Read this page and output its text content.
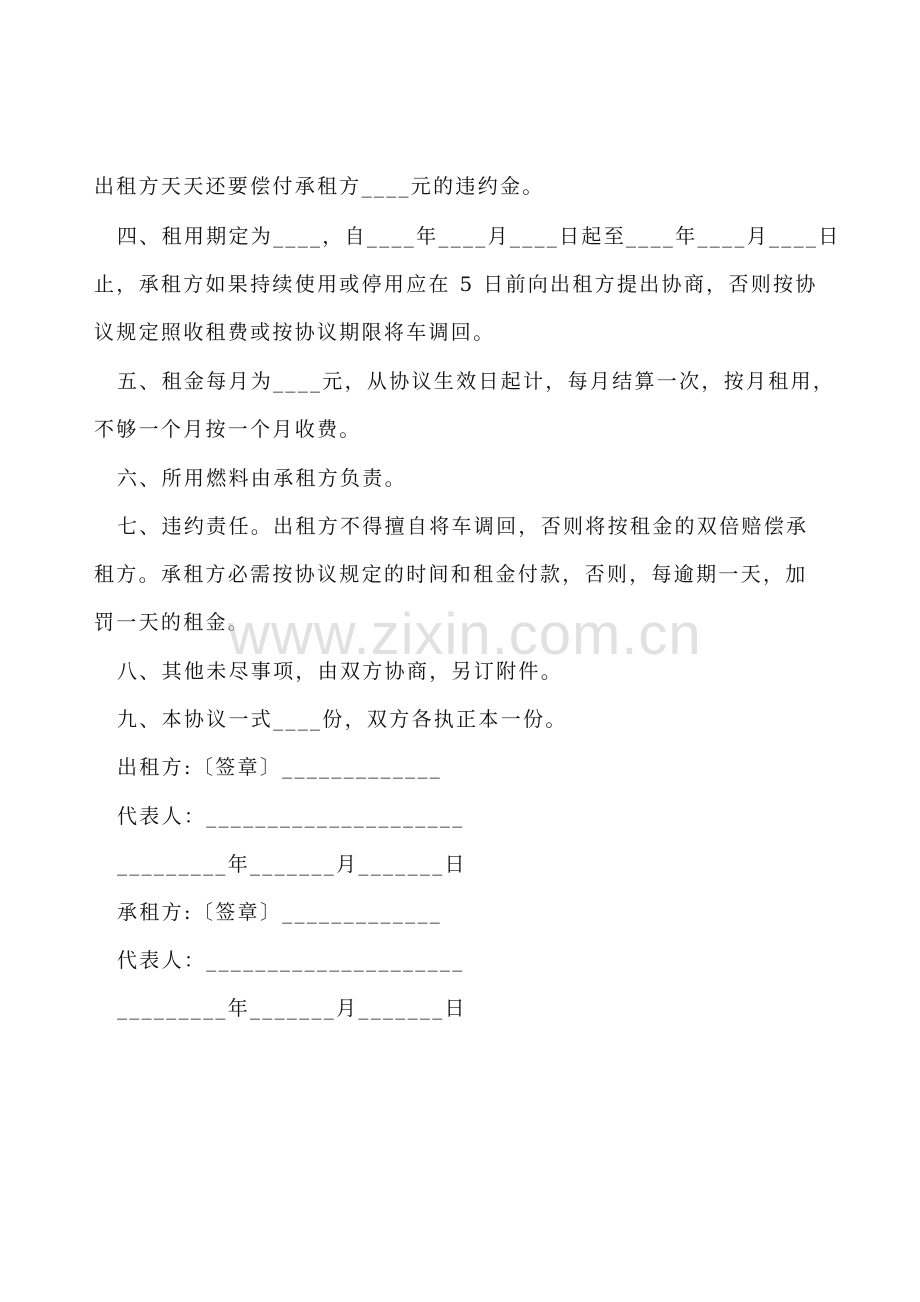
出租方天天还要偿付承租方____元的违约金。
四、租用期定为____，自____年____月____日起至____年____月____日
止，承租方如果持续使用或停用应在 5 日前向出租方提出协商，否则按协
议规定照收租费或按协议期限将车调回。
五、租金每月为____元，从协议生效日起计，每月结算一次，按月租用，
不够一个月按一个月收费。
六、所用燃料由承租方负责。
七、违约责任。出租方不得擅自将车调回，否则将按租金的双倍赔偿承
租方。承租方必需按协议规定的时间和租金付款，否则，每逾期一天，加
罚一天的租金。
八、其他未尽事项，由双方协商，另订附件。
九、本协议一式____份，双方各执正本一份。
出租方:〔签章〕_____________
代表人：_____________________
_________年_______月_______日
承租方:〔签章〕_____________
代表人：_____________________
_________年_______月_______日
www.zixin.com.cn
